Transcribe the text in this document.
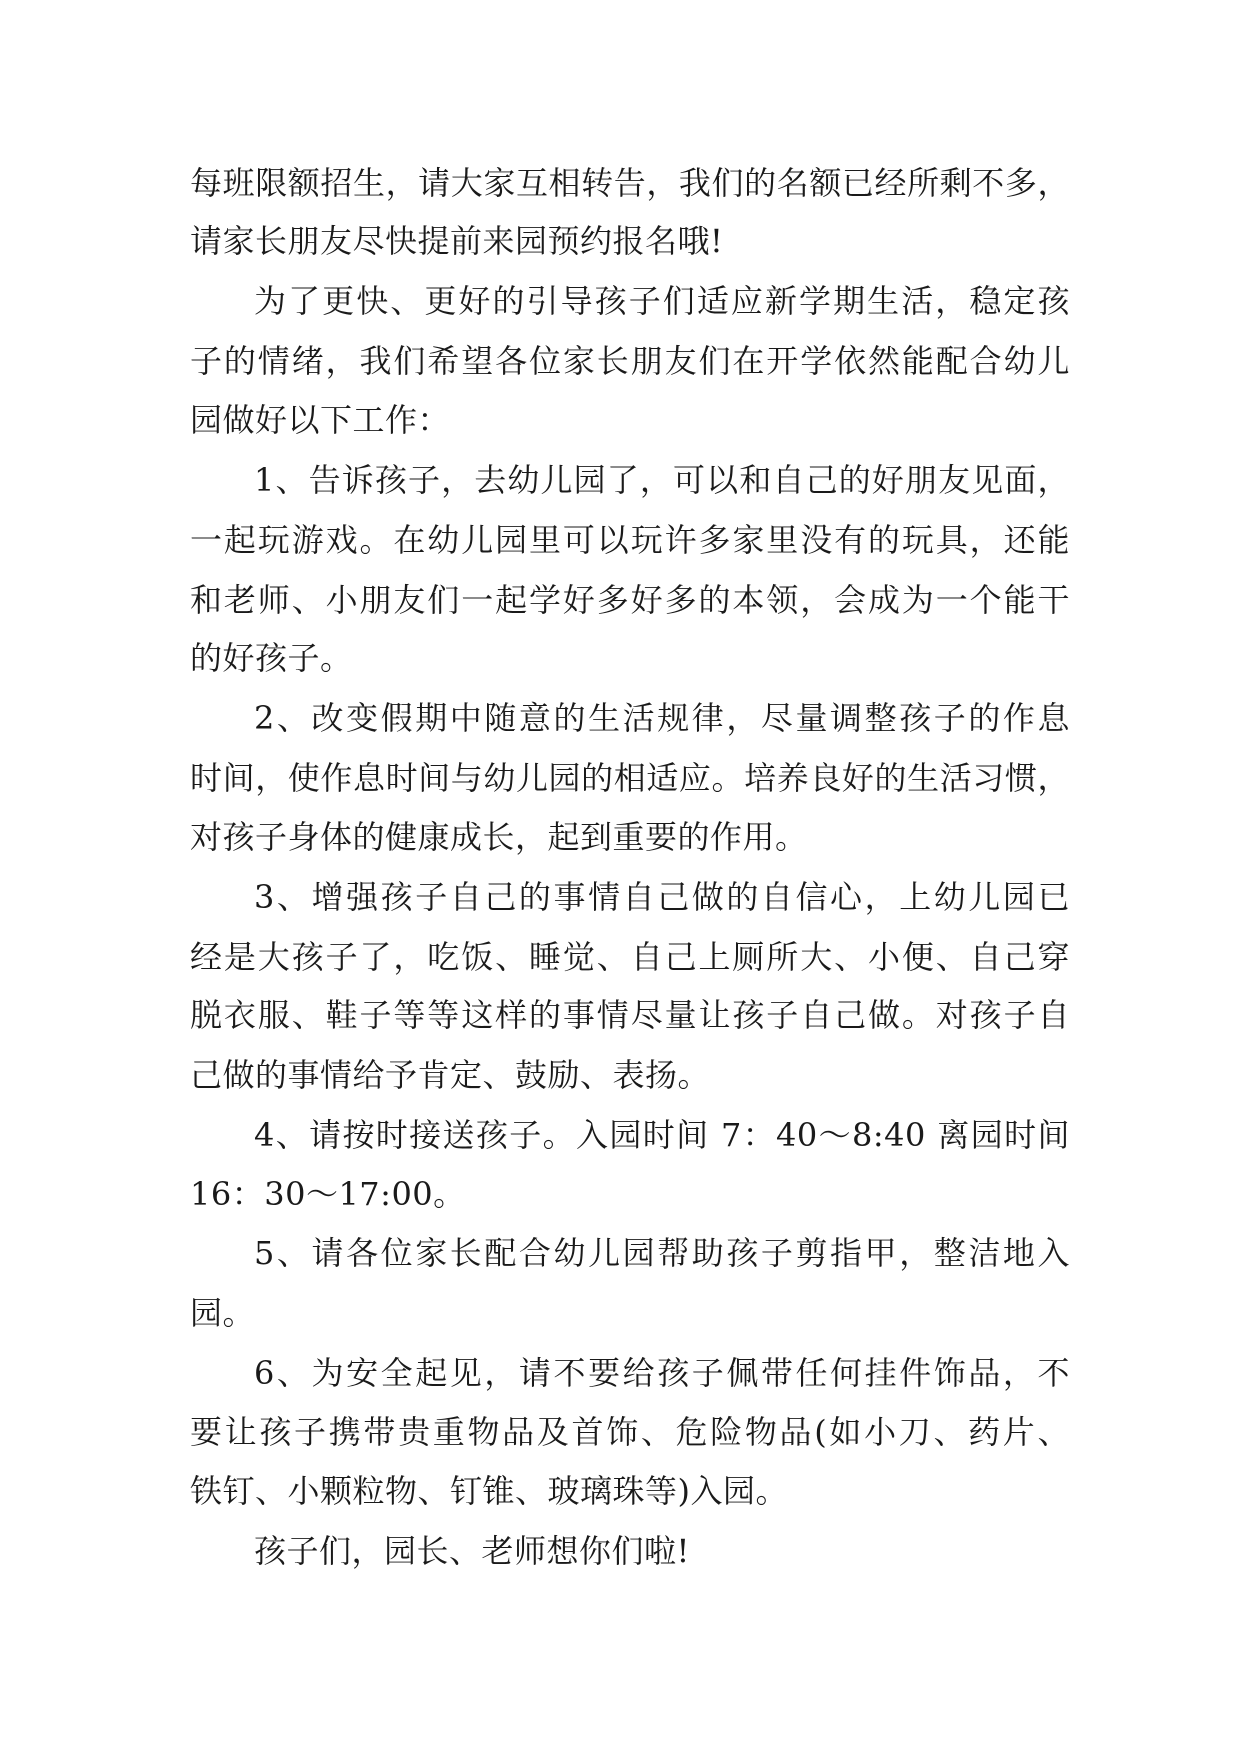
每班限额招生，请大家互相转告，我们的名额已经所剩不多，

请家长朋友尽快提前来园预约报名哦!

为了更快、更好的引导孩子们适应新学期生活，稳定孩

子的情绪，我们希望各位家长朋友们在开学依然能配合幼儿

园做好以下工作：

1、告诉孩子，去幼儿园了，可以和自己的好朋友见面，

一起玩游戏。在幼儿园里可以玩许多家里没有的玩具，还能

和老师、小朋友们一起学好多好多的本领，会成为一个能干

的好孩子。

2、改变假期中随意的生活规律，尽量调整孩子的作息

时间，使作息时间与幼儿园的相适应。培养良好的生活习惯，

对孩子身体的健康成长，起到重要的作用。

3、增强孩子自己的事情自己做的自信心，上幼儿园已

经是大孩子了，吃饭、睡觉、自己上厕所大、小便、自己穿

脱衣服、鞋子等等这样的事情尽量让孩子自己做。对孩子自

己做的事情给予肯定、鼓励、表扬。

4、请按时接送孩子。入园时间 7：40～8:40 离园时间

16：30～17:00。

5、请各位家长配合幼儿园帮助孩子剪指甲，整洁地入

园。

6、为安全起见，请不要给孩子佩带任何挂件饰品，不

要让孩子携带贵重物品及首饰、危险物品(如小刀、药片、

铁钉、小颗粒物、钉锥、玻璃珠等)入园。

孩子们，园长、老师想你们啦!
